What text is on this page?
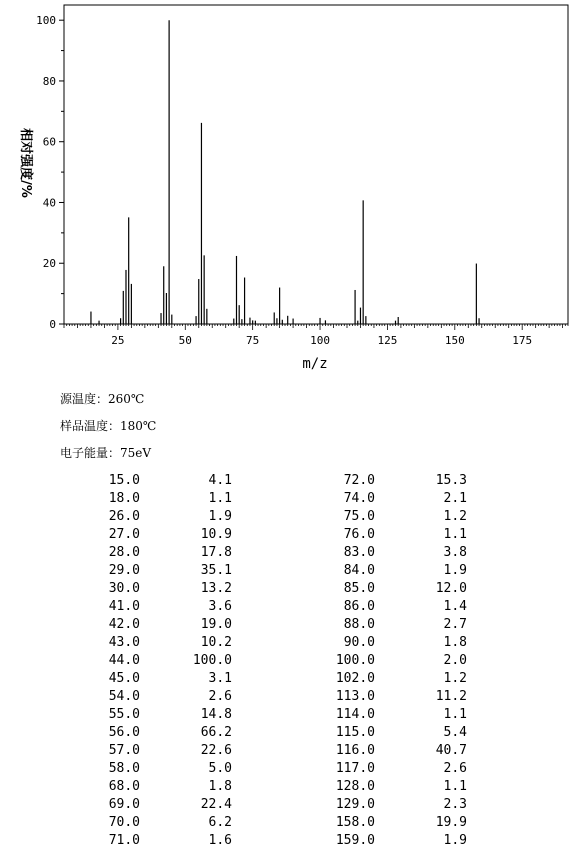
25	50	75	100	125	150	175
0
20
40
60
80
100
m/z
相对强度/%
源温度：260℃
样品温度：180℃
电子能量：75eV
15.0	4.1	72.0	15.3
18.0	1.1	74.0	2.1
26.0	1.9	75.0	1.2
27.0	10.9	76.0	1.1
28.0	17.8	83.0	3.8
29.0	35.1	84.0	1.9
30.0	13.2	85.0	12.0
41.0	3.6	86.0	1.4
42.0	19.0	88.0	2.7
43.0	10.2	90.0	1.8
44.0	100.0	100.0	2.0
45.0	3.1	102.0	1.2
54.0	2.6	113.0	11.2
55.0	14.8	114.0	1.1
56.0	66.2	115.0	5.4
57.0	22.6	116.0	40.7
58.0	5.0	117.0	2.6
68.0	1.8	128.0	1.1
69.0	22.4	129.0	2.3
70.0	6.2	158.0	19.9
71.0	1.6	159.0	1.9
